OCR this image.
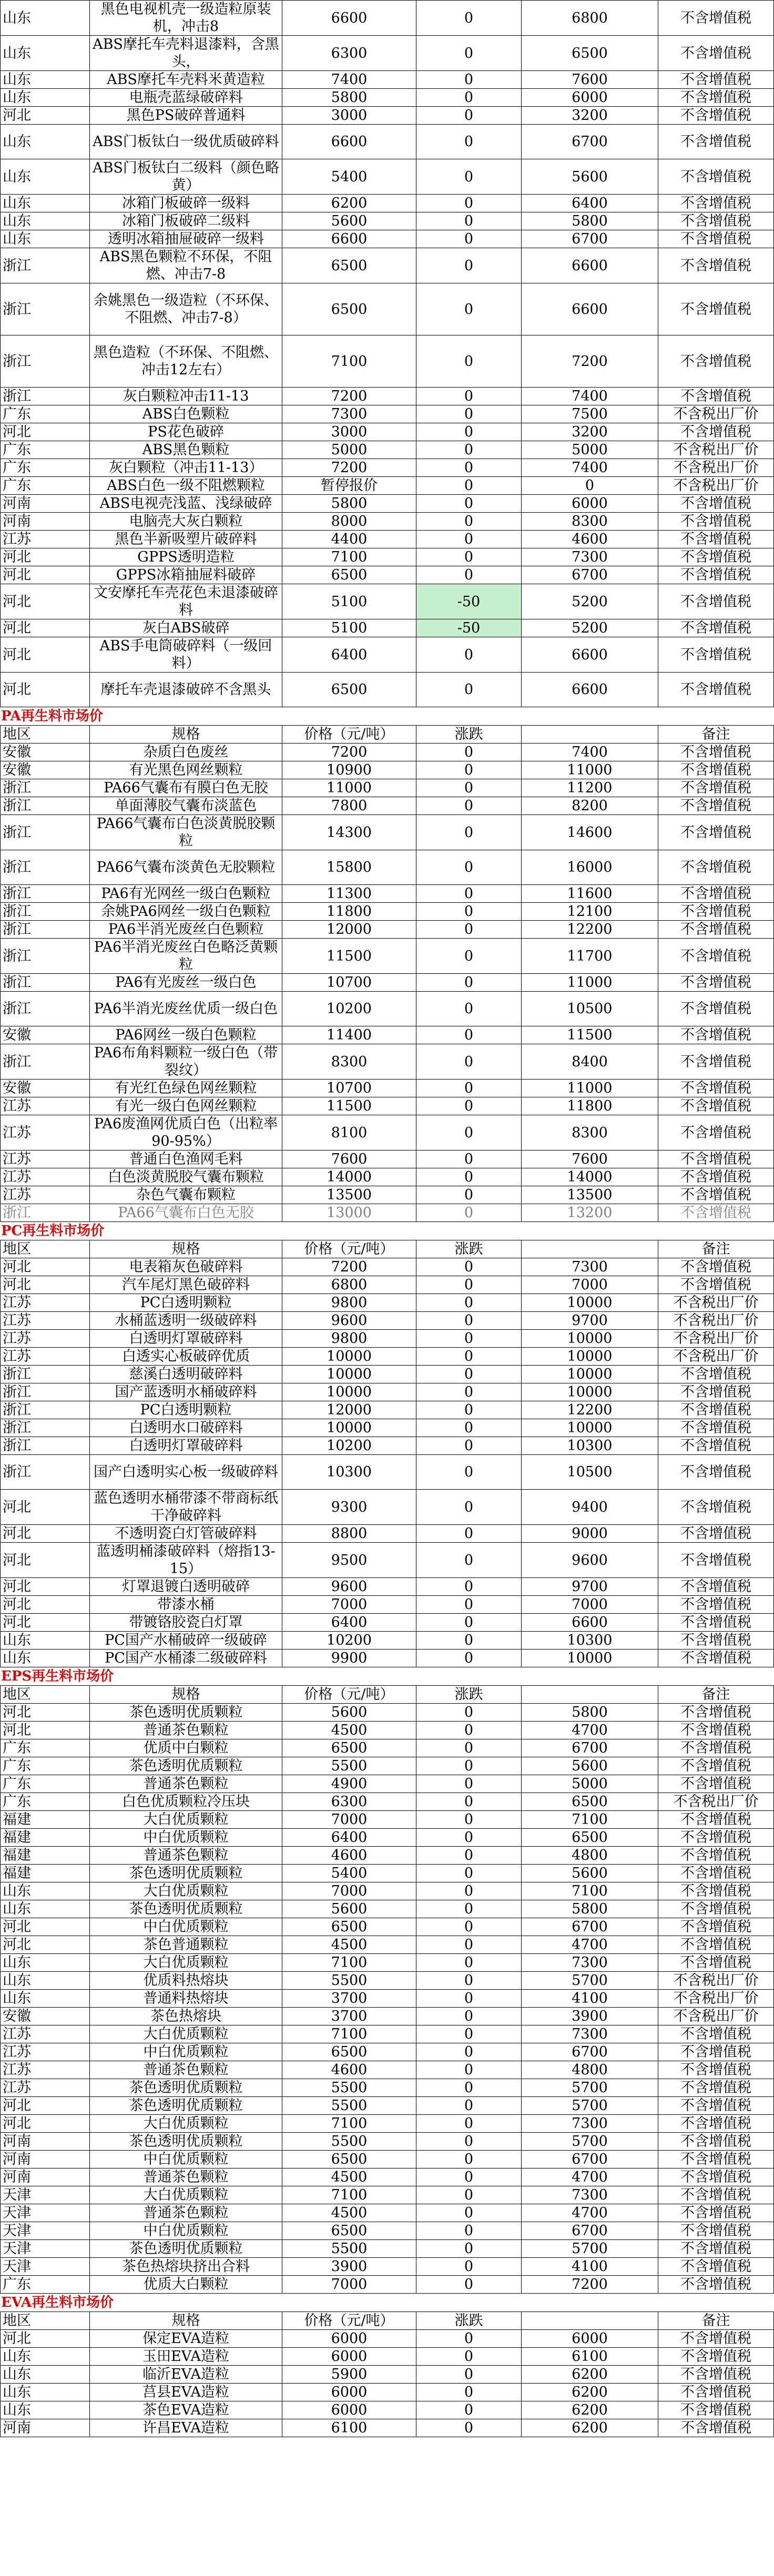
山东	黑色电视机壳一级造粒原装机，冲击8	6600	0	6800	不含增值税
山东	ABS摩托车壳料退漆料，含黑头，	6300	0	6500	不含增值税
山东	ABS摩托车壳料米黄造粒	7400	0	7600	不含增值税
山东	电瓶壳蓝绿破碎料	5800	0	6000	不含增值税
河北	黑色PS破碎普通料	3000	0	3200	不含增值税
山东	ABS门板钛白一级优质破碎料	6600	0	6700	不含增值税
山东	ABS门板钛白二级料（颜色略黄）	5400	0	5600	不含增值税
山东	冰箱门板破碎一级料	6200	0	6400	不含增值税
山东	冰箱门板破碎二级料	5600	0	5800	不含增值税
山东	透明冰箱抽屉破碎一级料	6600	0	6700	不含增值税
浙江	ABS黑色颗粒不环保，不阻燃、冲击7-8	6500	0	6600	不含增值税
浙江	余姚黑色一级造粒（不环保、不阻燃、冲击7-8）	6500	0	6600	不含增值税
浙江	黑色造粒（不环保、不阻燃、冲击12左右）	7100	0	7200	不含增值税
浙江	灰白颗粒冲击11-13	7200	0	7400	不含增值税
广东	ABS白色颗粒	7300	0	7500	不含税出厂价
河北	PS花色破碎	3000	0	3200	不含增值税
广东	ABS黑色颗粒	5000	0	5000	不含税出厂价
广东	灰白颗粒（冲击11-13）	7200	0	7400	不含税出厂价
广东	ABS白色一级不阻燃颗粒	暂停报价	0	0	不含税出厂价
河南	ABS电视壳浅蓝、浅绿破碎	5800	0	6000	不含增值税
河南	电脑壳大灰白颗粒	8000	0	8300	不含增值税
江苏	黑色半新吸塑片破碎料	4400	0	4600	不含增值税
河北	GPPS透明造粒	7100	0	7300	不含增值税
河北	GPPS冰箱抽屉料破碎	6500	0	6700	不含增值税
河北	文安摩托车壳花色未退漆破碎料	5100	-50	5200	不含增值税
河北	灰白ABS破碎	5100	-50	5200	不含增值税
河北	ABS手电筒破碎料（一级回料）	6400	0	6600	不含增值税
河北	摩托车壳退漆破碎不含黑头	6500	0	6600	不含增值税
PA再生料市场价
地区	规格	价格（元/吨）	涨跌		备注
安徽	杂质白色废丝	7200	0	7400	不含增值税
安徽	有光黑色网丝颗粒	10900	0	11000	不含增值税
浙江	PA66气囊布有膜白色无胶	11000	0	11200	不含增值税
浙江	单面薄胶气囊布淡蓝色	7800	0	8200	不含增值税
浙江	PA66气囊布白色淡黄脱胶颗粒	14300	0	14600	不含增值税
浙江	PA66气囊布淡黄色无胶颗粒	15800	0	16000	不含增值税
浙江	PA6有光网丝一级白色颗粒	11300	0	11600	不含增值税
浙江	余姚PA6网丝一级白色颗粒	11800	0	12100	不含增值税
浙江	PA6半消光废丝白色颗粒	12000	0	12200	不含增值税
浙江	PA6半消光废丝白色略泛黄颗粒	11500	0	11700	不含增值税
浙江	PA6有光废丝一级白色	10700	0	11000	不含增值税
浙江	PA6半消光废丝优质一级白色	10200	0	10500	不含增值税
安徽	PA6网丝一级白色颗粒	11400	0	11500	不含增值税
浙江	PA6布角料颗粒一级白色（带裂纹）	8300	0	8400	不含增值税
安徽	有光红色绿色网丝颗粒	10700	0	11000	不含增值税
江苏	有光一级白色网丝颗粒	11500	0	11800	不含增值税
江苏	PA6废渔网优质白色（出粒率90-95%）	8100	0	8300	不含增值税
江苏	普通白色渔网毛料	7600	0	7600	不含增值税
江苏	白色淡黄脱胶气囊布颗粒	14000	0	14000	不含增值税
江苏	杂色气囊布颗粒	13500	0	13500	不含增值税
浙江	PA66气囊布白色无胶	13000	0	13200	不含增值税
PC再生料市场价
地区	规格	价格（元/吨）	涨跌		备注
河北	电表箱灰色破碎料	7200	0	7300	不含增值税
河北	汽车尾灯黑色破碎料	6800	0	7000	不含增值税
江苏	PC白透明颗粒	9800	0	10000	不含税出厂价
江苏	水桶蓝透明一级破碎料	9600	0	9700	不含税出厂价
江苏	白透明灯罩破碎料	9800	0	10000	不含税出厂价
江苏	白透实心板破碎优质	10000	0	10000	不含税出厂价
浙江	慈溪白透明破碎料	10000	0	10000	不含增值税
浙江	国产蓝透明水桶破碎料	10000	0	10000	不含增值税
浙江	PC白透明颗粒	12000	0	12200	不含增值税
浙江	白透明水口破碎料	10000	0	10000	不含增值税
浙江	白透明灯罩破碎料	10200	0	10300	不含增值税
浙江	国产白透明实心板一级破碎料	10300	0	10500	不含增值税
河北	蓝色透明水桶带漆不带商标纸干净破碎料	9300	0	9400	不含增值税
河北	不透明瓷白灯管破碎料	8800	0	9000	不含增值税
河北	蓝透明桶漆破碎料（熔指13-15）	9500	0	9600	不含增值税
河北	灯罩退镀白透明破碎	9600	0	9700	不含增值税
河北	带漆水桶	7000	0	7000	不含增值税
河北	带镀铬胶瓷白灯罩	6400	0	6600	不含增值税
山东	PC国产水桶破碎一级破碎	10200	0	10300	不含增值税
山东	PC国产水桶漆二级破碎料	9900	0	10000	不含增值税
EPS再生料市场价
地区	规格	价格（元/吨）	涨跌		备注
河北	茶色透明优质颗粒	5600	0	5800	不含增值税
河北	普通茶色颗粒	4500	0	4700	不含增值税
广东	优质中白颗粒	6500	0	6700	不含增值税
广东	茶色透明优质颗粒	5500	0	5600	不含增值税
广东	普通茶色颗粒	4900	0	5000	不含增值税
广东	白色优质颗粒冷压块	6300	0	6500	不含税出厂价
福建	大白优质颗粒	7000	0	7100	不含增值税
福建	中白优质颗粒	6400	0	6500	不含增值税
福建	普通茶色颗粒	4600	0	4800	不含增值税
福建	茶色透明优质颗粒	5400	0	5600	不含增值税
山东	大白优质颗粒	7000	0	7100	不含增值税
山东	茶色透明优质颗粒	5600	0	5800	不含增值税
河北	中白优质颗粒	6500	0	6700	不含增值税
河北	茶色普通颗粒	4500	0	4700	不含增值税
山东	大白优质颗粒	7100	0	7300	不含增值税
山东	优质料热熔块	5500	0	5700	不含税出厂价
山东	普通料热熔块	3700	0	4100	不含税出厂价
安徽	茶色热熔块	3700	0	3900	不含税出厂价
江苏	大白优质颗粒	7100	0	7300	不含增值税
江苏	中白优质颗粒	6500	0	6700	不含增值税
江苏	普通茶色颗粒	4600	0	4800	不含增值税
江苏	茶色透明优质颗粒	5500	0	5700	不含增值税
河北	茶色透明优质颗粒	5500	0	5700	不含增值税
河北	大白优质颗粒	7100	0	7300	不含增值税
河南	茶色透明优质颗粒	5500	0	5700	不含增值税
河南	中白优质颗粒	6500	0	6700	不含增值税
河南	普通茶色颗粒	4500	0	4700	不含增值税
天津	大白优质颗粒	7100	0	7300	不含增值税
天津	普通茶色颗粒	4500	0	4700	不含增值税
天津	中白优质颗粒	6500	0	6700	不含增值税
天津	茶色透明优质颗粒	5500	0	5700	不含增值税
天津	茶色热熔块挤出合料	3900	0	4100	不含增值税
广东	优质大白颗粒	7000	0	7200	不含增值税
EVA再生料市场价
地区	规格	价格（元/吨）	涨跌		备注
河北	保定EVA造粒	6000	0	6000	不含增值税
山东	玉田EVA造粒	6000	0	6100	不含增值税
山东	临沂EVA造粒	5900	0	6200	不含增值税
山东	莒县EVA造粒	6000	0	6200	不含增值税
山东	茶色EVA造粒	6000	0	6200	不含增值税
河南	许昌EVA造粒	6100	0	6200	不含增值税
